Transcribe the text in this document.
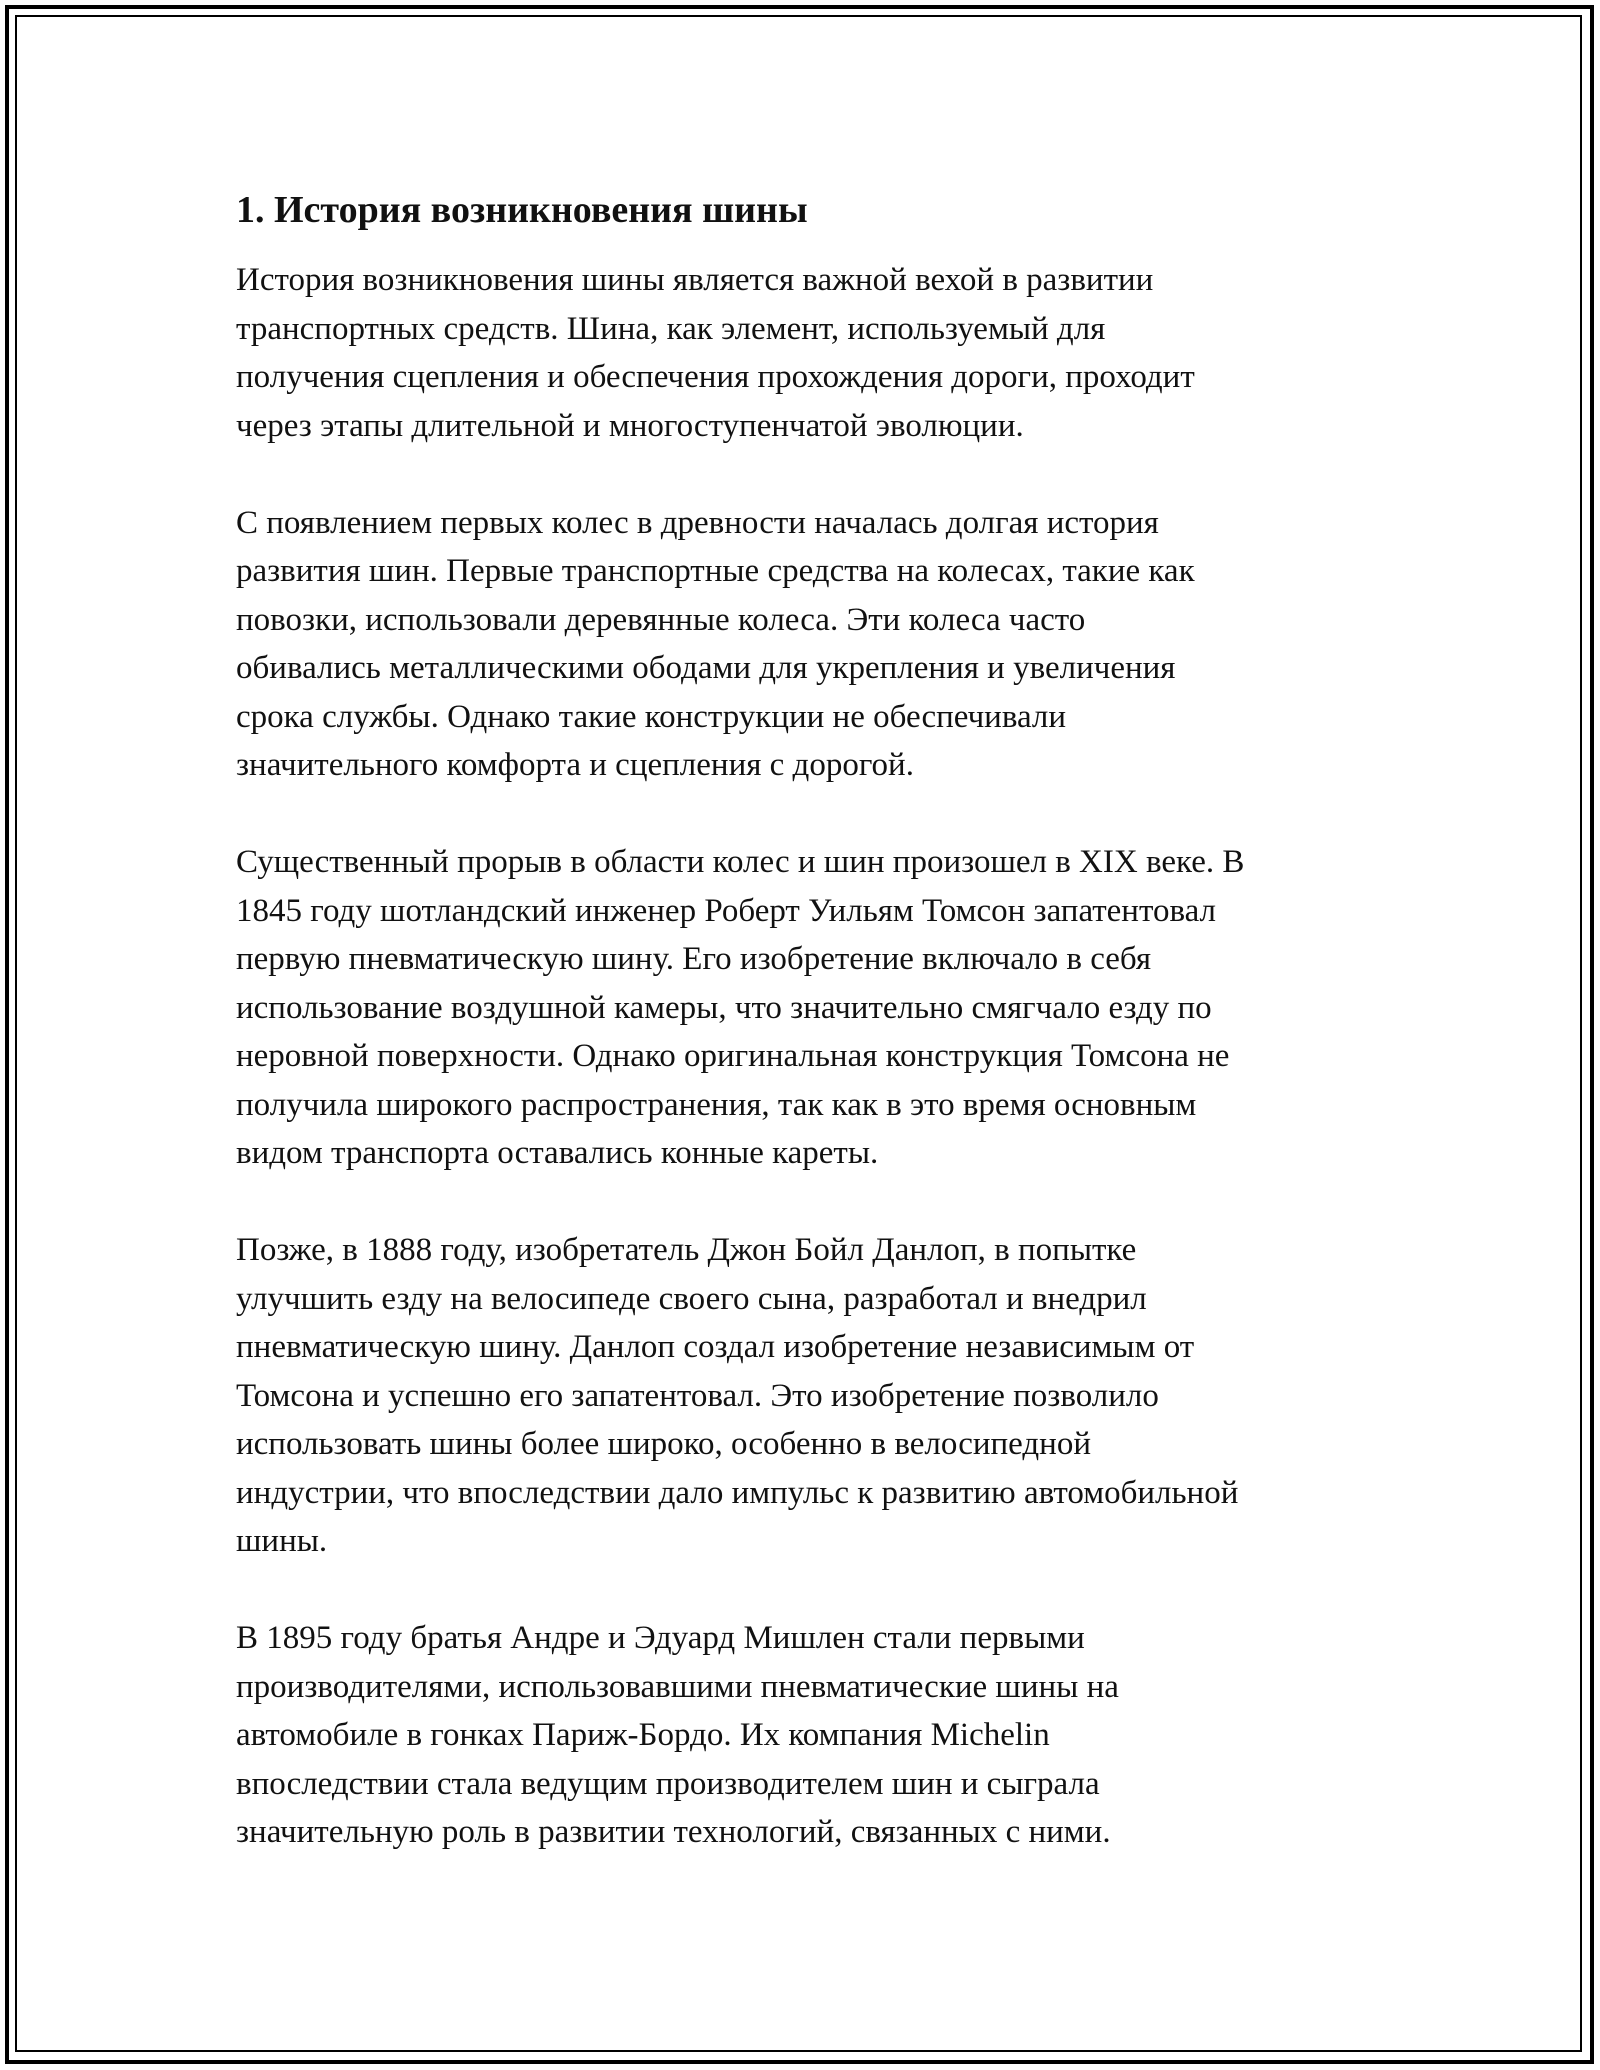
1. История возникновения шины

История возникновения шины является важной вехой в развитии
транспортных средств. Шина, как элемент, используемый для
получения сцепления и обеспечения прохождения дороги, проходит
через этапы длительной и многоступенчатой эволюции.

С появлением первых колес в древности началась долгая история
развития шин. Первые транспортные средства на колесах, такие как
повозки, использовали деревянные колеса. Эти колеса часто
обивались металлическими ободами для укрепления и увеличения
срока службы. Однако такие конструкции не обеспечивали
значительного комфорта и сцепления с дорогой.

Существенный прорыв в области колес и шин произошел в XIX веке. В
1845 году шотландский инженер Роберт Уильям Томсон запатентовал
первую пневматическую шину. Его изобретение включало в себя
использование воздушной камеры, что значительно смягчало езду по
неровной поверхности. Однако оригинальная конструкция Томсона не
получила широкого распространения, так как в это время основным
видом транспорта оставались конные кареты.

Позже, в 1888 году, изобретатель Джон Бойл Данлоп, в попытке
улучшить езду на велосипеде своего сына, разработал и внедрил
пневматическую шину. Данлоп создал изобретение независимым от
Томсона и успешно его запатентовал. Это изобретение позволило
использовать шины более широко, особенно в велосипедной
индустрии, что впоследствии дало импульс к развитию автомобильной
шины.

В 1895 году братья Андре и Эдуард Мишлен стали первыми
производителями, использовавшими пневматические шины на
автомобиле в гонках Париж-Бордо. Их компания Michelin
впоследствии стала ведущим производителем шин и сыграла
значительную роль в развитии технологий, связанных с ними.
